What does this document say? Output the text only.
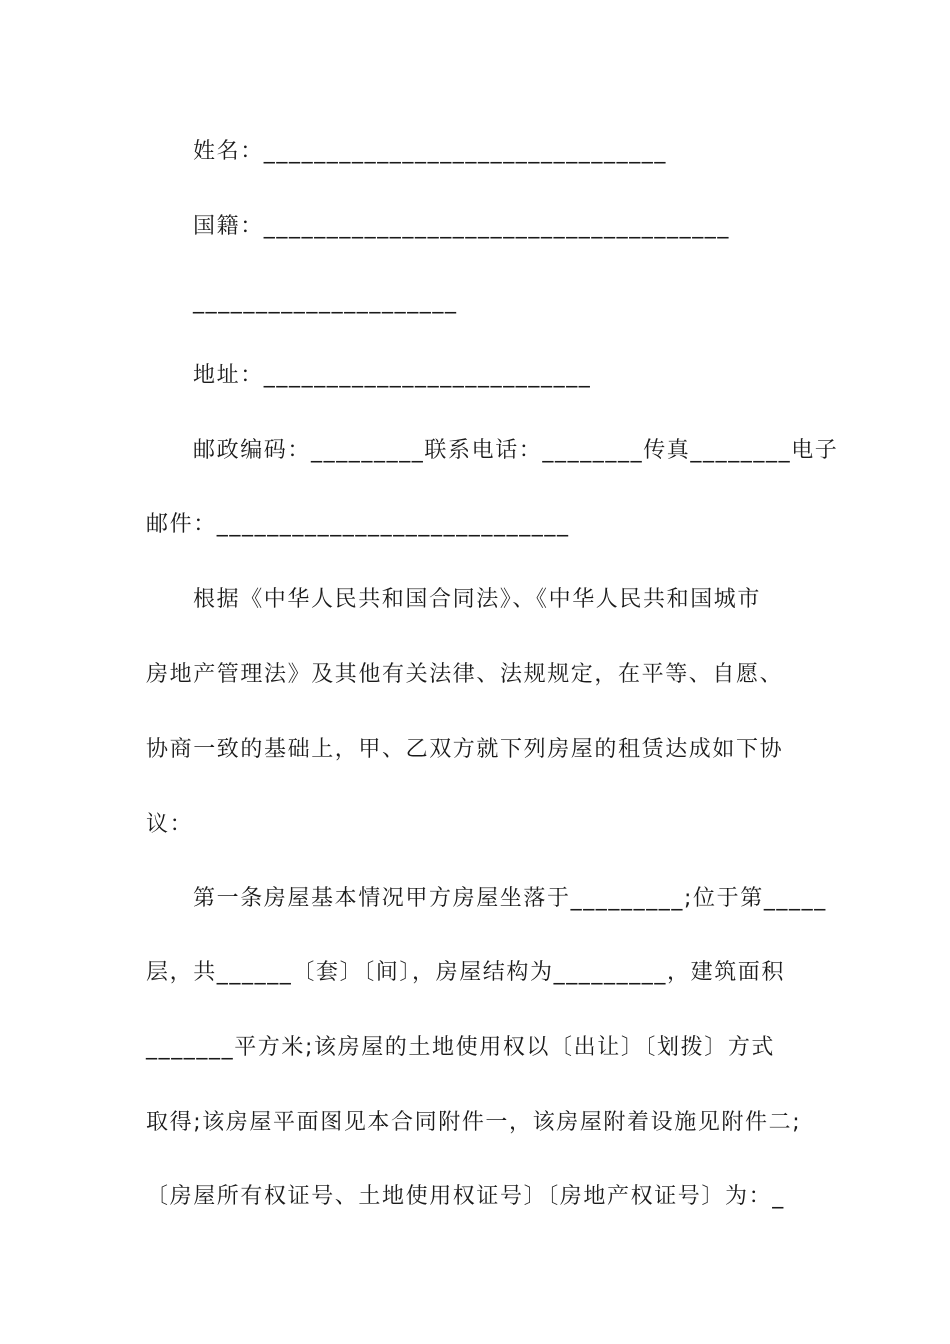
姓名：________________________________

国籍：_____________________________________

_____________________

地址：__________________________

邮政编码：_________联系电话：________传真________电子

邮件：____________________________

根据《中华人民共和国合同法》、《中华人民共和国城市

房地产管理法》及其他有关法律、法规规定，在平等、自愿、

协商一致的基础上，甲、乙双方就下列房屋的租赁达成如下协

议：

第一条房屋基本情况甲方房屋坐落于_________;位于第_____

层，共______〔套〕〔间〕，房屋结构为_________，建筑面积

_______平方米;该房屋的土地使用权以〔出让〕〔划拨〕方式

取得;该房屋平面图见本合同附件一，该房屋附着设施见附件二;

〔房屋所有权证号、土地使用权证号〕〔房地产权证号〕为：_
